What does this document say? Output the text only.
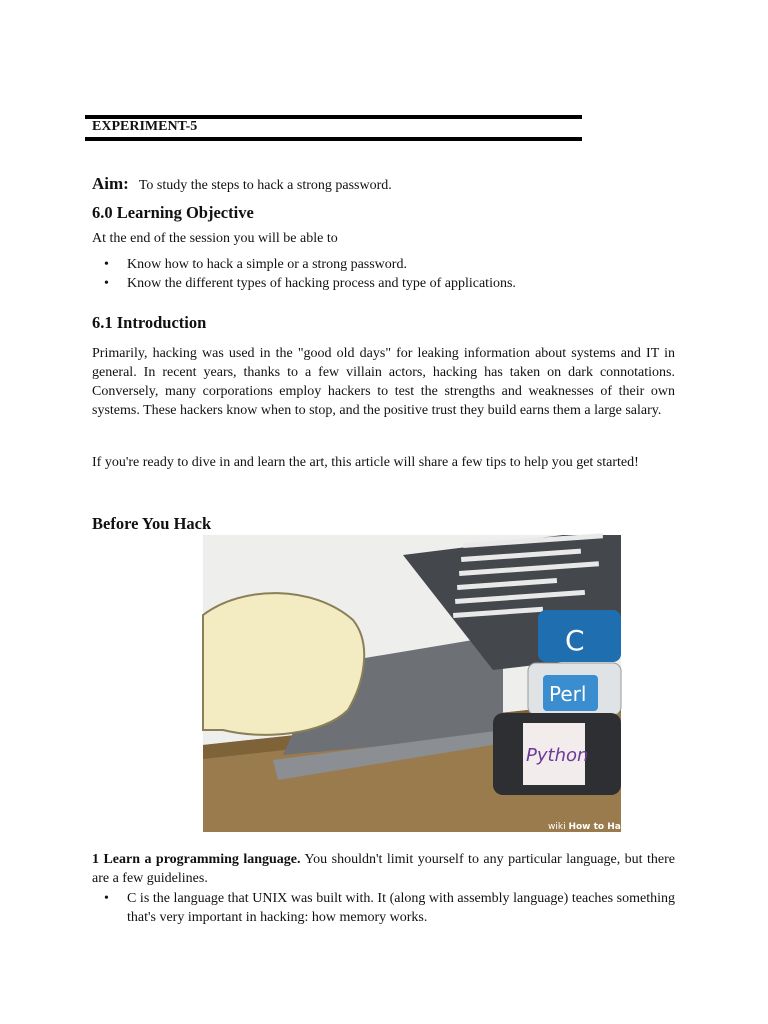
EXPERIMENT-5
Aim: To study the steps to hack a strong password.
6.0 Learning Objective
At the end of the session you will be able to
• Know how to hack a simple or a strong password.
• Know the different types of hacking process and type of applications.
6.1 Introduction
Primarily, hacking was used in the "good old days" for leaking information about systems and IT in general. In recent years, thanks to a few villain actors, hacking has taken on dark connotations. Conversely, many corporations employ hackers to test the strengths and weaknesses of their own systems. These hackers know when to stop, and the positive trust they build earns them a large salary.
If you're ready to dive in and learn the art, this article will share a few tips to help you get started!
Before You Hack
C
Perl
Python
wiki How to Hack
1 Learn a programming language. You shouldn't limit yourself to any particular language, but there are a few guidelines.
• C is the language that UNIX was built with. It (along with assembly language) teaches something that's very important in hacking: how memory works.
